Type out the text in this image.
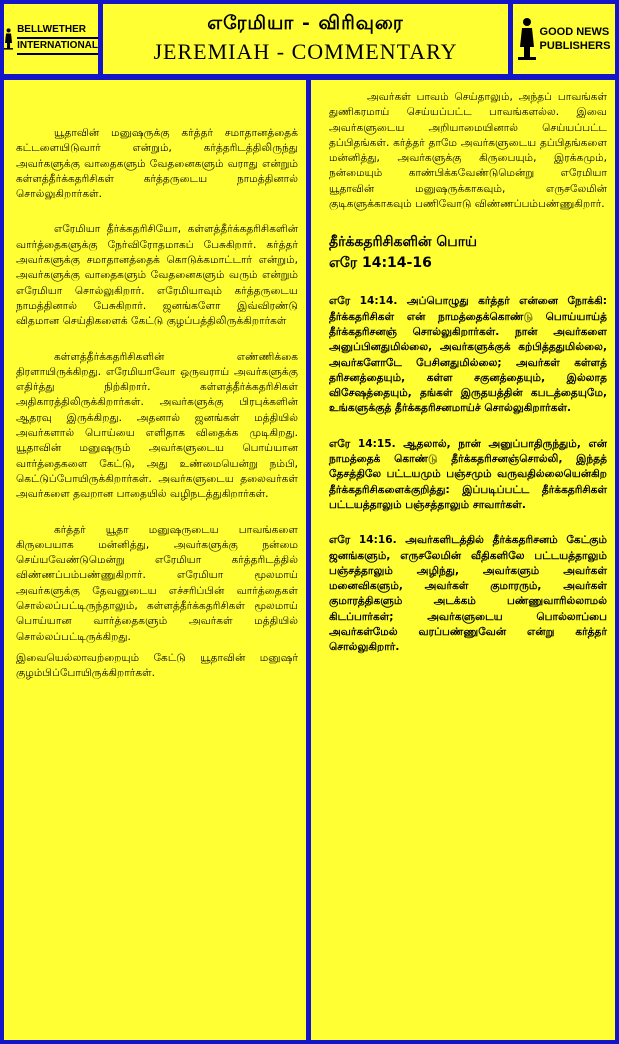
BELLWETHER
INTERNATIONAL
எரேமியா - விரிவுரை
JEREMIAH - COMMENTARY
GOOD NEWS
PUBLISHERS

யூதாவின் மனுஷருக்கு கர்த்தர் சமாதானத்தைக் கட்டளையிடுவார் என்றும், கர்த்தரிடத்திலிருந்து அவர்களுக்கு வாதைகளும் வேதனைகளும் வராது என்றும் கள்ளத்தீர்க்கதரிசிகள் கர்த்தருடைய நாமத்தினால் சொல்லுகிறார்கள்.

எரேமியா தீர்க்கதரிசியோ, கள்ளத்தீர்க்கதரிசிகளின் வார்த்தைகளுக்கு நேர்விரோதமாகப் பேசுகிறார். கர்த்தர் அவர்களுக்கு சமாதானத்தைக் கொடுக்கமாட்டார் என்றும், அவர்களுக்கு வாதைகளும் வேதனைகளும் வரும் என்றும் எரேமியா சொல்லுகிறார். எரேமியாவும் கர்த்தருடைய நாமத்தினால் பேசுகிறார். ஜனங்களோ இவ்விரண்டு விதமான செய்திகளைக் கேட்டு குழப்பத்திலிருக்கிறார்கள்

கள்ளத்தீர்க்கதரிசிகளின் எண்ணிக்கை திரளாயிருக்கிறது. எரேமியாவோ ஒருவராய் அவர்களுக்கு எதிர்த்து நிற்கிறார். கள்ளத்தீர்க்கதரிசிகள் அதிகாரத்திலிருக்கிறார்கள். அவர்களுக்கு பிரபுக்களின் ஆதரவு இருக்கிறது. அதனால் ஜனங்கள் மத்தியில் அவர்களால் பொய்யை எளிதாக விதைக்க முடிகிறது. யூதாவின் மனுஷரும் அவர்களுடைய பொய்யான வார்த்தைகளை கேட்டு, அது உண்மையென்று நம்பி, கெட்டுப்போயிருக்கிறார்கள். அவர்களுடைய தலைவர்கள் அவர்களை தவறான பாதையில் வழிநடத்துகிறார்கள்.

கர்த்தர் யூதா மனுஷருடைய பாவங்களை கிருபையாக மன்னித்து, அவர்களுக்கு நன்மை செய்யவேண்டுமென்று எரேமியா கர்த்தரிடத்தில் விண்ணப்பம்பண்ணுகிறார். எரேமியா மூலமாய் அவர்களுக்கு தேவனுடைய எச்சரிப்பின் வார்த்தைகள் சொல்லப்பட்டிருந்தாலும், கள்ளத்தீர்க்கதரிசிகள் மூலமாய் பொய்யான வார்த்தைகளும் அவர்கள் மத்தியில் சொல்லப்பட்டிருக்கிறது.

இவையெல்லாவற்றையும் கேட்டு யூதாவின் மனுஷர் குழம்பிப்போயிருக்கிறார்கள்.

அவர்கள் பாவம் செய்தாலும், அந்தப் பாவங்கள் துணிகரமாய் செய்யப்பட்ட பாவங்களல்ல. இவை அவர்களுடைய அறியாமையினால் செய்யப்பட்ட தப்பிதங்கள். கர்த்தர் தாமே அவர்களுடைய தப்பிதங்களை மன்னித்து, அவர்களுக்கு கிருபையும், இரக்கமும், நன்மையும் காண்பிக்கவேண்டுமென்று எரேமியா யூதாவின் மனுஷருக்காகவும், எருசலேமின் குடிகளுக்காகவும் பணிவோடு விண்ணப்பம்பண்ணுகிறார்.

தீர்க்கதரிசிகளின் பொய்
எரே 14:14-16

எரே 14:14. அப்பொழுது கர்த்தர் என்னை நோக்கி: தீர்க்கதரிசிகள் என் நாமத்தைக்கொண்டு பொய்யாய்த் தீர்க்கதரிசனஞ் சொல்லுகிறார்கள். நான் அவர்களை அனுப்பினதுமில்லை, அவர்களுக்குக் கற்பித்ததுமில்லை, அவர்களோடே பேசினதுமில்லை; அவர்கள் கள்ளத் தரிசனத்தையும், கள்ள சகுனத்தையும், இல்லாத விசேஷத்தையும், தங்கள் இருதயத்தின் கபடத்தையுமே, உங்களுக்குத் தீர்க்கதரிசனமாய்ச் சொல்லுகிறார்கள்.

எரே 14:15. ஆதலால், நான் அனுப்பாதிருந்தும், என் நாமத்தைக் கொண்டு தீர்க்கதரிசனஞ்சொல்லி, இந்தத் தேசத்திலே பட்டயமும் பஞ்சமும் வருவதில்லையென்கிற தீர்க்கதரிசிகளைக்குறித்து: இப்படிப்பட்ட தீர்க்கதரிசிகள் பட்டயத்தாலும் பஞ்சத்தாலும் சாவார்கள்.

எரே 14:16. அவர்களிடத்தில் தீர்க்கதரிசனம் கேட்கும் ஜனங்களும், எருசலேமின் வீதிகளிலே பட்டயத்தாலும் பஞ்சத்தாலும் அழிந்து, அவர்களும் அவர்கள் மனைவிகளும், அவர்கள் குமாரரும், அவர்கள் குமாரத்திகளும் அடக்கம் பண்ணுவாரில்லாமல் கிடப்பார்கள்; அவர்களுடைய பொல்லாப்பை அவர்கள்மேல் வரப்பண்ணுவேன் என்று கர்த்தர் சொல்லுகிறார்.
